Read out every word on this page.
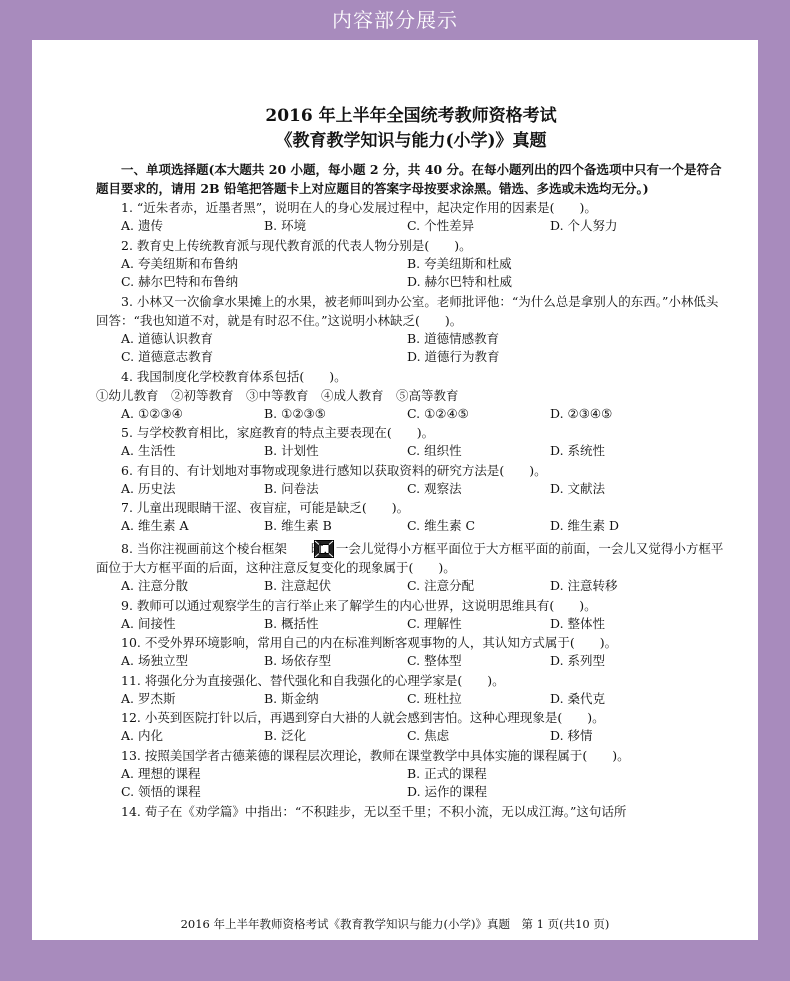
内容部分展示
2016 年上半年全国统考教师资格考试
《教育教学知识与能力(小学)》真题
一、单项选择题(本大题共 20 小题，每小题 2 分，共 40 分。在每小题列出的四个备选项中只有一个是符合题目要求的，请用 2B 铅笔把答题卡上对应题目的答案字母按要求涂黑。错选、多选或未选均无分。)
1. “近朱者赤，近墨者黑”，说明在人的身心发展过程中，起决定作用的因素是(　　)。
A. 遗传	B. 环境	C. 个性差异	D. 个人努力
2. 教育史上传统教育派与现代教育派的代表人物分别是(　　)。
A. 夸美纽斯和布鲁纳	B. 夸美纽斯和杜威
C. 赫尔巴特和布鲁纳	D. 赫尔巴特和杜威
3. 小林又一次偷拿水果摊上的水果，被老师叫到办公室。老师批评他：“为什么总是拿别人的东西。”小林低头回答：“我也知道不对，就是有时忍不住。”这说明小林缺乏(　　)。
A. 道德认识教育	B. 道德情感教育
C. 道德意志教育	D. 道德行为教育
4. 我国制度化学校教育体系包括(　　)。
①幼儿教育　②初等教育　③中等教育　④成人教育　⑤高等教育
A. ①②③④	B. ①②③⑤	C. ①②④⑤	D. ②③④⑤
5. 与学校教育相比，家庭教育的特点主要表现在(　　)。
A. 生活性	B. 计划性	C. 组织性	D. 系统性
6. 有目的、有计划地对事物或现象进行感知以获取资料的研究方法是(　　)。
A. 历史法	B. 问卷法	C. 观察法	D. 文献法
7. 儿童出现眼睛干涩、夜盲症，可能是缺乏(　　)。
A. 维生素 A	B. 维生素 B	C. 维生素 C	D. 维生素 D
8. 当你注视画前这个棱台框架 时，一会儿觉得小方框平面位于大方框平面的前面，一会儿又觉得小方框平面位于大方框平面的后面，这种注意反复变化的现象属于(　　)。
A. 注意分散	B. 注意起伏	C. 注意分配	D. 注意转移
9. 教师可以通过观察学生的言行举止来了解学生的内心世界，这说明思维具有(　　)。
A. 间接性	B. 概括性	C. 理解性	D. 整体性
10. 不受外界环境影响，常用自己的内在标准判断客观事物的人，其认知方式属于(　　)。
A. 场独立型	B. 场依存型	C. 整体型	D. 系列型
11. 将强化分为直接强化、替代强化和自我强化的心理学家是(　　)。
A. 罗杰斯	B. 斯金纳	C. 班杜拉	D. 桑代克
12. 小英到医院打针以后，再遇到穿白大褂的人就会感到害怕。这种心理现象是(　　)。
A. 内化	B. 泛化	C. 焦虑	D. 移情
13. 按照美国学者古德莱德的课程层次理论，教师在课堂教学中具体实施的课程属于(　　)。
A. 理想的课程	B. 正式的课程
C. 领悟的课程	D. 运作的课程
14. 荀子在《劝学篇》中指出：“不积跬步，无以至千里；不积小流，无以成江海。”这句话所
2016 年上半年教师资格考试《教育教学知识与能力(小学)》真题　第 1 页(共10 页)
